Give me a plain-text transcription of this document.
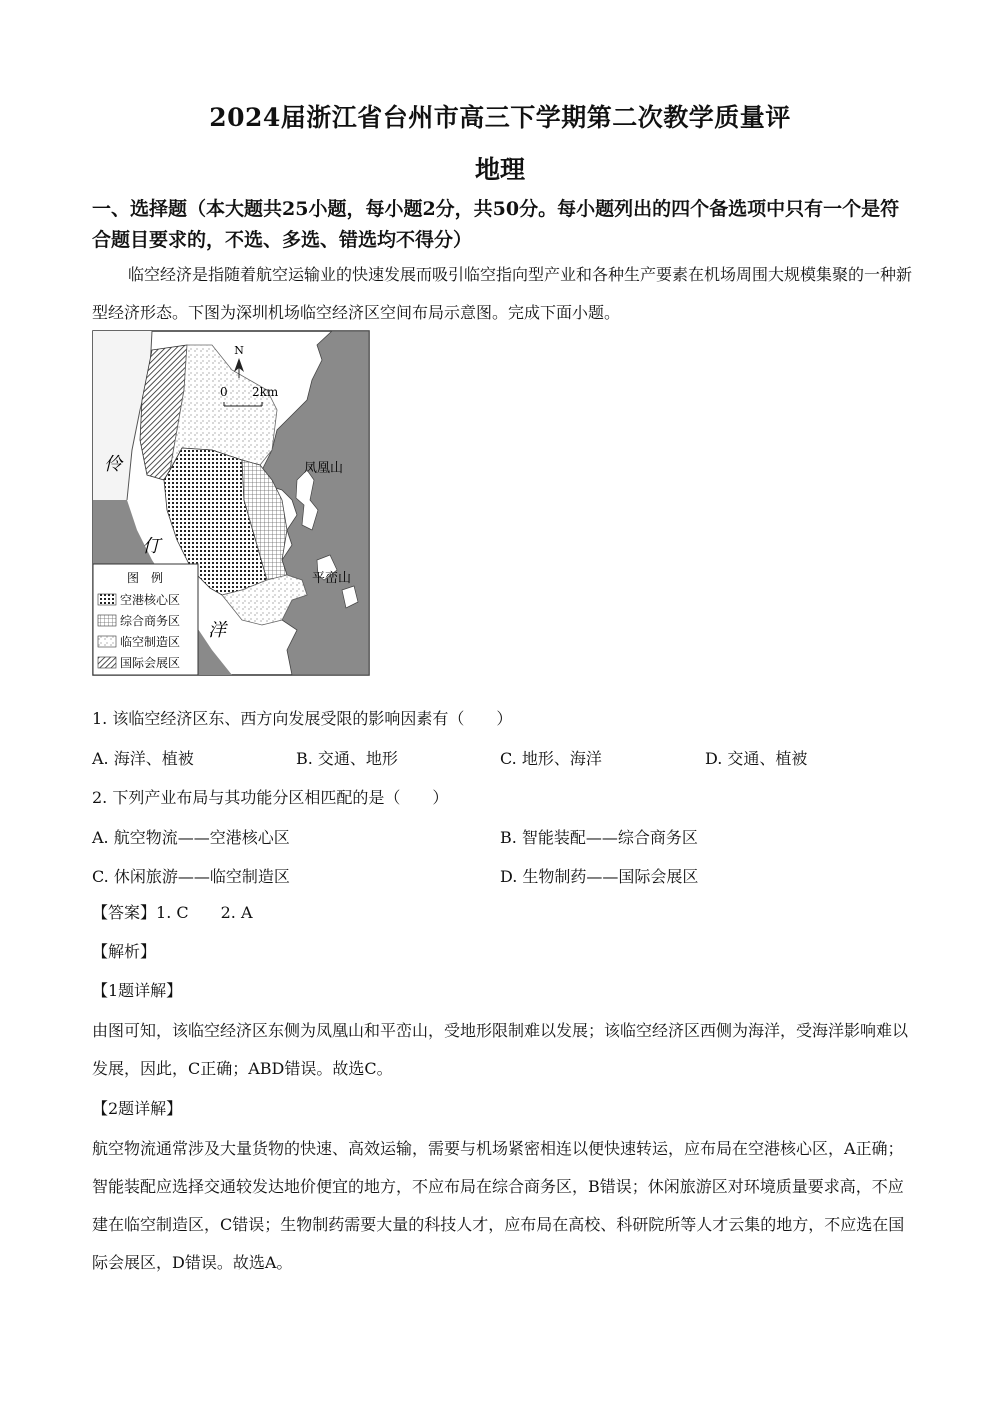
2024届浙江省台州市高三下学期第二次教学质量评
地理
一、选择题（本大题共25小题，每小题2分，共50分。每小题列出的四个备选项中只有一个是符合题目要求的，不选、多选、错选均不得分）
临空经济是指随着航空运输业的快速发展而吸引临空指向型产业和各种生产要素在机场周围大规模集聚的一种新型经济形态。下图为深圳机场临空经济区空间布局示意图。完成下面小题。
N
0 2km
凤凰山
平峦山
伶
仃
洋
图　例
空港核心区
综合商务区
临空制造区
国际会展区
1. 该临空经济区东、西方向发展受限的影响因素有（　　）
A. 海洋、植被	B. 交通、地形	C. 地形、海洋	D. 交通、植被
2. 下列产业布局与其功能分区相匹配的是（　　）
A. 航空物流——空港核心区	B. 智能装配——综合商务区
C. 休闲旅游——临空制造区	D. 生物制药——国际会展区
【答案】1. C　　2. A
【解析】
【1题详解】
由图可知，该临空经济区东侧为凤凰山和平峦山，受地形限制难以发展；该临空经济区西侧为海洋，受海洋影响难以发展，因此，C正确；ABD错误。故选C。
【2题详解】
航空物流通常涉及大量货物的快速、高效运输，需要与机场紧密相连以便快速转运，应布局在空港核心区，A正确；智能装配应选择交通较发达地价便宜的地方，不应布局在综合商务区，B错误；休闲旅游区对环境质量要求高，不应建在临空制造区，C错误；生物制药需要大量的科技人才，应布局在高校、科研院所等人才云集的地方，不应选在国际会展区，D错误。故选A。
